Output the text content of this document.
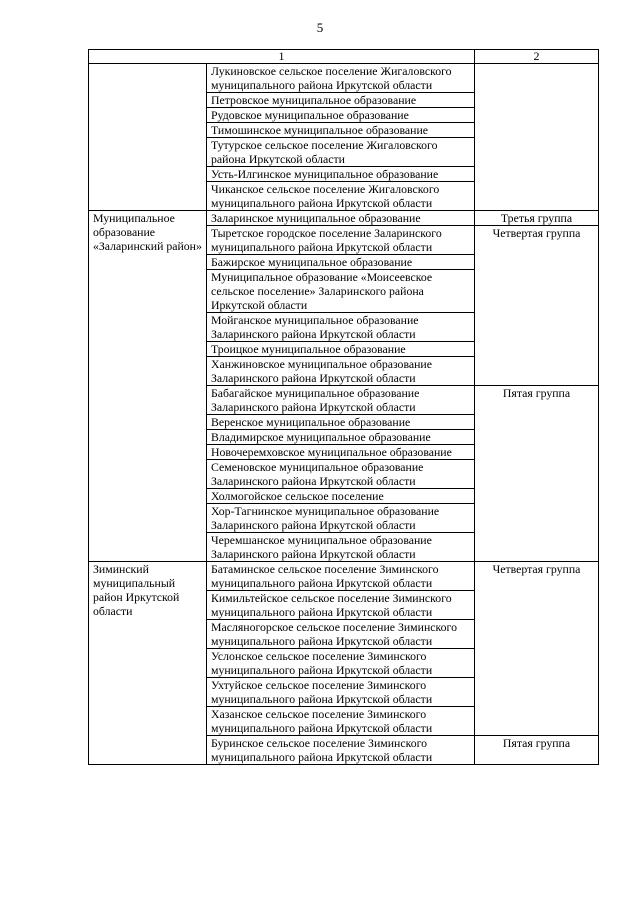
5
1		2
	Лукиновское сельское поселение Жигаловского муниципального района Иркутской области	
	Петровское муниципальное образование	
	Рудовское муниципальное образование	
	Тимошинское муниципальное образование	
	Тутурское сельское поселение Жигаловского района Иркутской области	
	Усть-Илгинское муниципальное образование	
	Чиканское сельское поселение Жигаловского муниципального района Иркутской области	
Муниципальное образование «Заларинский район»	Заларинское муниципальное образование	Третья группа
	Тыретское городское поселение Заларинского муниципального района Иркутской области	Четвертая группа
	Бажирское муниципальное образование	
	Муниципальное образование «Моисеевское сельское поселение» Заларинского района Иркутской области	
	Мойганское муниципальное образование Заларинского района Иркутской области	
	Троицкое муниципальное образование	
	Ханжиновское муниципальное образование Заларинского района Иркутской области	
	Бабагайское муниципальное образование Заларинского района Иркутской области	Пятая группа
	Веренское муниципальное образование	
	Владимирское муниципальное образование	
	Новочеремховское муниципальное образование	
	Семеновское муниципальное образование Заларинского района Иркутской области	
	Холмогойское сельское поселение	
	Хор-Тагнинское муниципальное образование Заларинского района Иркутской области	
	Черемшанское муниципальное образование Заларинского района Иркутской области	
Зиминский муниципальный район Иркутской области	Батаминское сельское поселение Зиминского муниципального района Иркутской области	Четвертая группа
	Кимильтейское сельское поселение Зиминского муниципального района Иркутской области	
	Масляногорское сельское поселение Зиминского муниципального района Иркутской области	
	Услонское сельское поселение Зиминского муниципального района Иркутской области	
	Ухтуйское сельское поселение Зиминского муниципального района Иркутской области	
	Хазанское сельское поселение Зиминского муниципального района Иркутской области	
	Буринское сельское поселение Зиминского муниципального района Иркутской области	Пятая группа
